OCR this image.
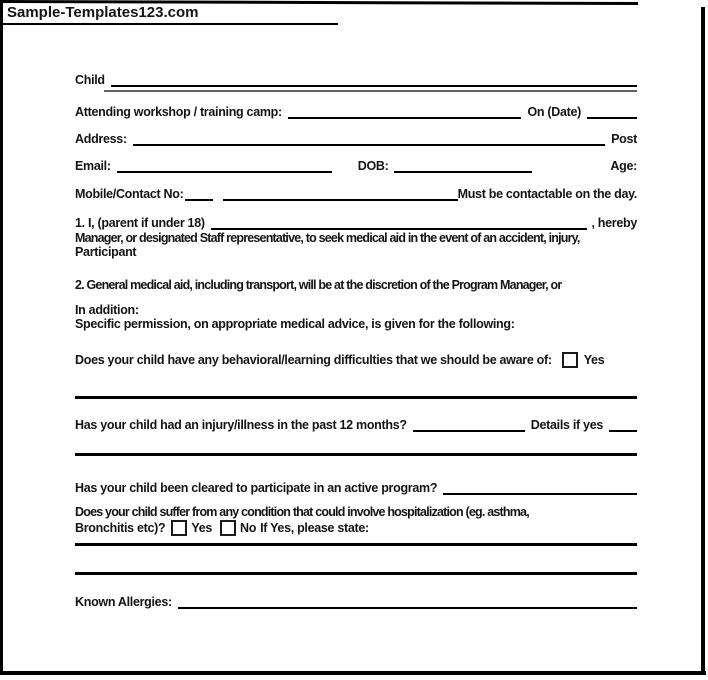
Sample-Templates123.com
Child
Attending workshop / training camp:	On (Date)
Address:	Post
Email:	DOB:	Age:
Mobile/Contact No:	Must be contactable on the day.
1. I, (parent if under 18)	, hereby
Manager, or designated Staff representative, to seek medical aid in the event of an accident, injury,
Participant
2. General medical aid, including transport, will be at the discretion of the Program Manager, or
In addition:
Specific permission, on appropriate medical advice, is given for the following:
Does your child have any behavioral/learning difficulties that we should be aware of:	Yes
Has your child had an injury/illness in the past 12 months?	Details if yes
Has your child been cleared to participate in an active program?
Does your child suffer from any condition that could involve hospitalization (eg. asthma,
Bronchitis etc)? Yes No If Yes, please state:
Known Allergies:
